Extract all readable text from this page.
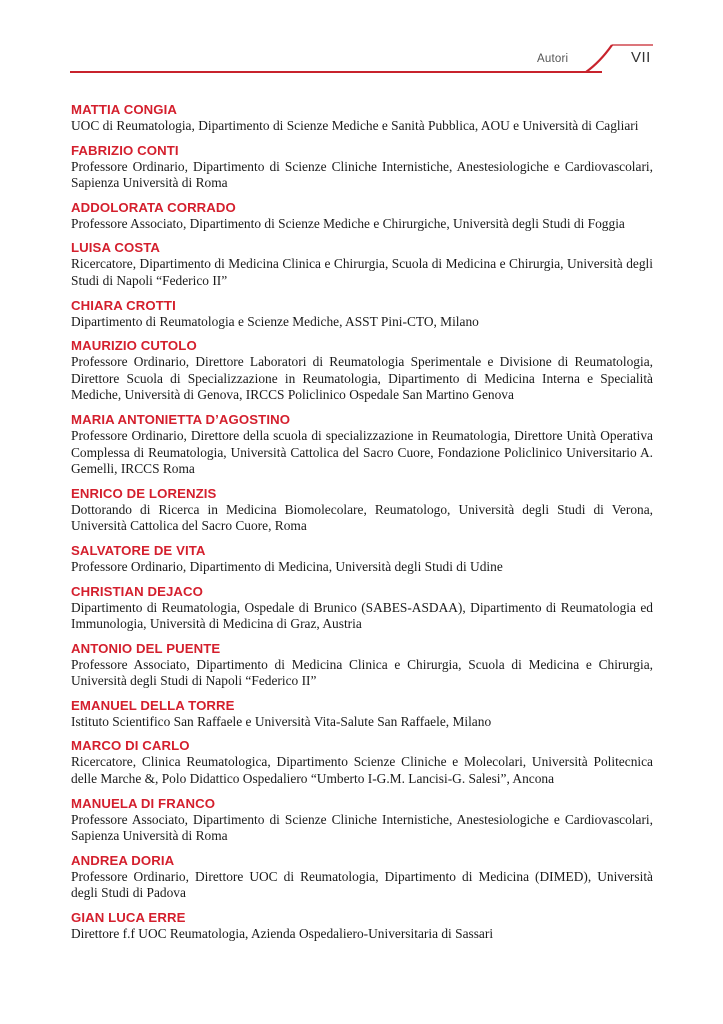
Autori	VII
MATTIA CONGIA
UOC di Reumatologia, Dipartimento di Scienze Mediche e Sanità Pubblica, AOU e Università di Cagliari
FABRIZIO CONTI
Professore Ordinario, Dipartimento di Scienze Cliniche Internistiche, Anestesiologiche e Cardiovascolari, Sapienza Università di Roma
ADDOLORATA CORRADO
Professore Associato, Dipartimento di Scienze Mediche e Chirurgiche, Università degli Studi di Foggia
LUISA COSTA
Ricercatore, Dipartimento di Medicina Clinica e Chirurgia, Scuola di Medicina e Chirurgia, Università degli Studi di Napoli “Federico II”
CHIARA CROTTI
Dipartimento di Reumatologia e Scienze Mediche, ASST Pini-CTO, Milano
MAURIZIO CUTOLO
Professore Ordinario, Direttore Laboratori di Reumatologia Sperimentale e Divisione di Reumatologia, Direttore Scuola di Specializzazione in Reumatologia, Dipartimento di Medicina Interna e Specialità Mediche, Università di Genova, IRCCS Policlinico Ospedale San Martino Genova
MARIA ANTONIETTA D’AGOSTINO
Professore Ordinario, Direttore della scuola di specializzazione in Reumatologia, Direttore Unità Operativa Complessa di Reumatologia, Università Cattolica del Sacro Cuore, Fondazione Policlinico Universitario A. Gemelli, IRCCS Roma
ENRICO DE LORENZIS
Dottorando di Ricerca in Medicina Biomolecolare, Reumatologo, Università degli Studi di Verona, Università Cattolica del Sacro Cuore, Roma
SALVATORE DE VITA
Professore Ordinario, Dipartimento di Medicina, Università degli Studi di Udine
CHRISTIAN DEJACO
Dipartimento di Reumatologia, Ospedale di Brunico (SABES-ASDAA), Dipartimento di Reumatologia ed Immunologia, Università di Medicina di Graz, Austria
ANTONIO DEL PUENTE
Professore Associato, Dipartimento di Medicina Clinica e Chirurgia, Scuola di Medicina e Chirurgia, Università degli Studi di Napoli “Federico II”
EMANUEL DELLA TORRE
Istituto Scientifico San Raffaele e Università Vita-Salute San Raffaele, Milano
MARCO DI CARLO
Ricercatore, Clinica Reumatologica, Dipartimento Scienze Cliniche e Molecolari, Università Politecnica delle Marche &, Polo Didattico Ospedaliero “Umberto I-G.M. Lancisi-G. Salesi”, Ancona
MANUELA DI FRANCO
Professore Associato, Dipartimento di Scienze Cliniche Internistiche, Anestesiologiche e Cardiovascolari, Sapienza Università di Roma
ANDREA DORIA
Professore Ordinario, Direttore UOC di Reumatologia, Dipartimento di Medicina (DIMED), Università degli Studi di Padova
GIAN LUCA ERRE
Direttore f.f UOC Reumatologia, Azienda Ospedaliero-Universitaria di Sassari
